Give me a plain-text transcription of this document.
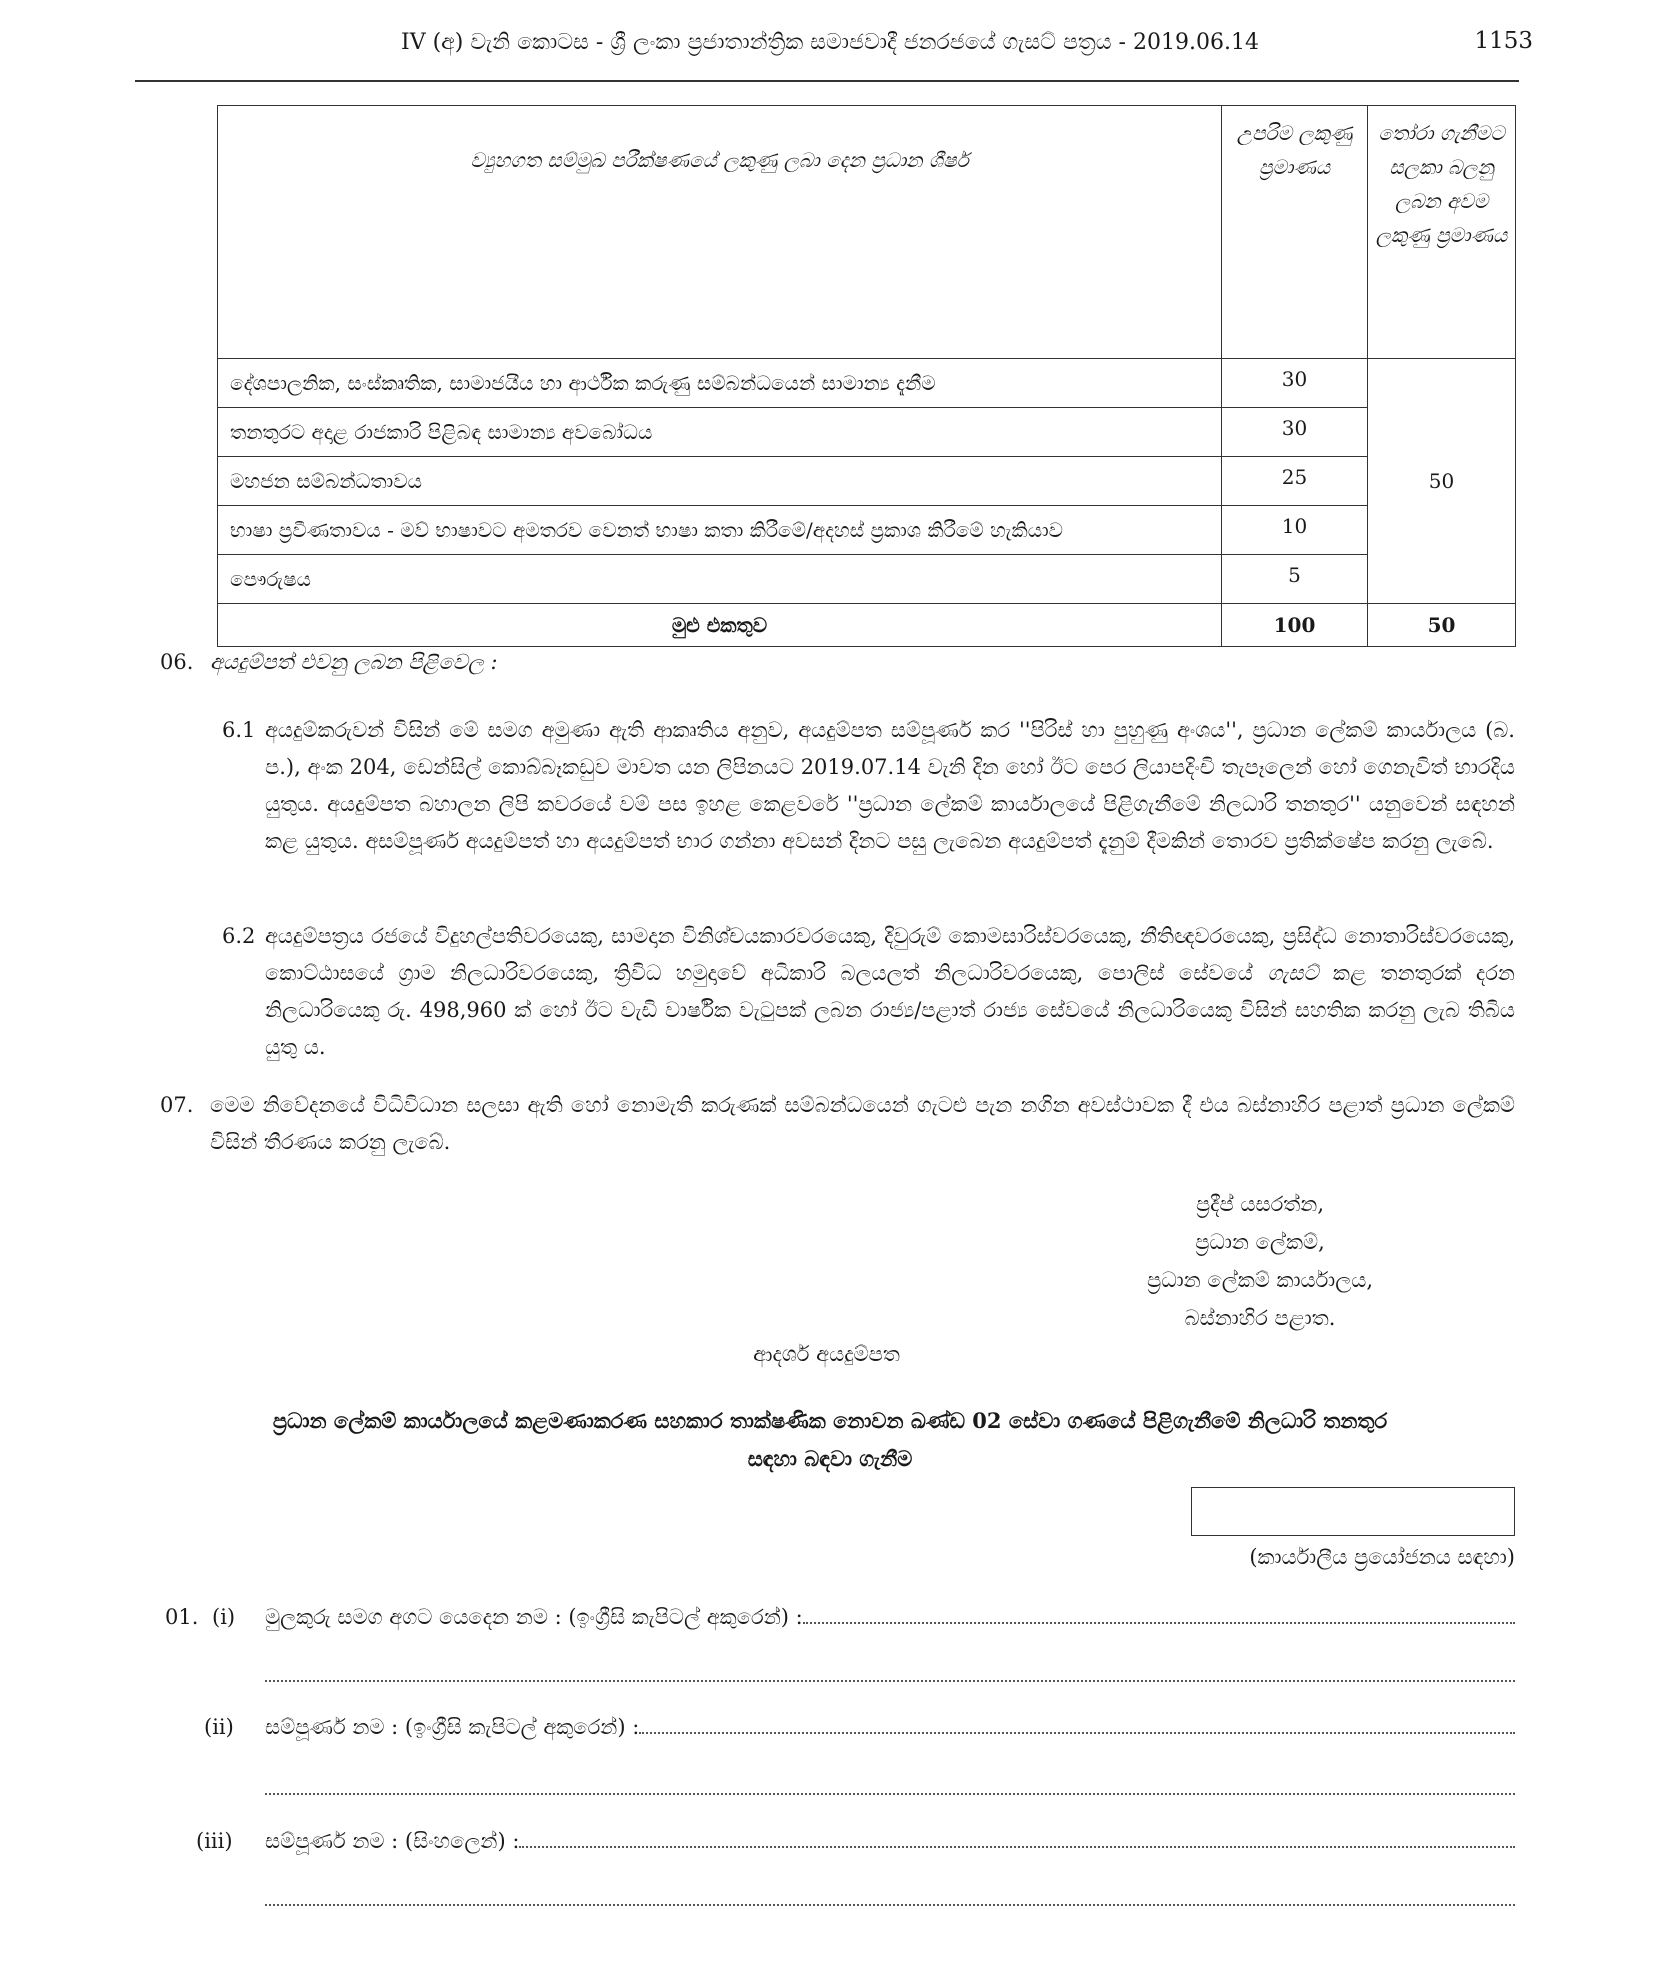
IV (අ) වැනි කොටස - ශ්‍රී ලංකා ප්‍රජාතාන්ත්‍රික සමාජවාදී ජනරජයේ ගැසට් පත්‍රය - 2019.06.14	1153
ව්‍යුහගත සම්මුඛ පරීක්ෂණයේ ලකුණු ලබා දෙන ප්‍රධාන ශීර්ෂ	උපරිම ලකුණු ප්‍රමාණය	තෝරා ගැනීමට සලකා බලනු ලබන අවම ලකුණු ප්‍රමාණය
දේශපාලනික, සංස්කෘතික, සාමාජයීය හා ආර්ථික කරුණු සම්බන්ධයෙන් සාමාන්‍ය දැනීම	30	50
තනතුරට අදාළ රාජකාරි පිළිබඳ සාමාන්‍ය අවබෝධය	30	
මහජන සම්බන්ධතාවය	25	
භාෂා ප්‍රවීණතාවය - මව් භාෂාවට අමතරව වෙනත් භාෂා කතා කිරීමේ/අදහස් ප්‍රකාශ කිරීමේ හැකියාව	10	
පෞරුෂය	5	
මුළු එකතුව	100	50
06. අයදුම්පත් එවනු ලබන පිළිවෙල :
6.1 අයදුම්කරුවන් විසින් මේ සමග අමුණා ඇති ආකෘතිය අනුව, අයදුම්පත සම්පූර්ණ කර ''පිරිස් හා පුහුණු අංශය'', ප්‍රධාන ලේකම් කාර්යාලය (බ. ප.), අංක 204, ඩෙන්සිල් කොබ්බෑකඩුව මාවත යන ලිපිනයට 2019.07.14 වැනි දින හෝ ඊට පෙර ලියාපදිංචි තැපෑලෙන් හෝ ගෙනැවිත් භාරදිය යුතුය. අයදුම්පත බහාලන ලිපි කවරයේ වම් පස ඉහළ කෙළවරේ ''ප්‍රධාන ලේකම් කාර්යාලයේ පිළිගැනීමේ නිලධාරි තනතුර'' යනුවෙන් සඳහන් කළ යුතුය. අසම්පූර්ණ අයදුම්පත් හා අයදුම්පත් භාර ගන්නා අවසන් දිනට පසු ලැබෙන අයදුම්පත් දැනුම් දීමකින් තොරව ප්‍රතික්ෂේප කරනු ලැබේ.
6.2 අයදුම්පත්‍රය රජයේ විදුහල්පතිවරයෙකු, සාමදාන විනිශ්චයකාරවරයෙකු, දිවුරුම් කොමසාරිස්වරයෙකු, නීතිඥවරයෙකු, ප්‍රසිද්ධ නොතාරිස්වරයෙකු, කොට්ඨාසයේ ග්‍රාම නිලධාරිවරයෙකු, ත්‍රිවිධ හමුදාවේ අධිකාරි බලයලත් නිලධාරිවරයෙකු, පොලිස් සේවයේ ගැසට් කළ තනතුරක් දරන නිලධාරියෙකු රු. 498,960 ක් හෝ ඊට වැඩි වාර්ෂික වැටුපක් ලබන රාජ්‍ය/පළාත් රාජ්‍ය සේවයේ නිලධාරියෙකු විසින් සහතික කරනු ලැබ තිබිය යුතු ය.
07. මෙම නිවේදනයේ විධිවිධාන සලසා ඇති හෝ නොමැති කරුණක් සම්බන්ධයෙන් ගැටළු පැන නගින අවස්ථාවක දී එය බස්නාහිර පළාත් ප්‍රධාන ලේකම් විසින් තීරණය කරනු ලැබේ.
ප්‍රදීප් යසරත්න,
ප්‍රධාන ලේකම්,
ප්‍රධාන ලේකම් කාර්යාලය,
බස්නාහිර පළාත.
ආදර්ශ අයදුම්පත
ප්‍රධාන ලේකම් කාර්යාලයේ කළමණාකරණ සහකාර තාක්ෂණික නොවන ඛණ්ඩ 02 සේවා ගණයේ පිළිගැනීමේ නිලධාරි තනතුර
සඳහා බඳවා ගැනීම
(කාර්යාලීය ප්‍රයෝජනය සඳහා)
01. (i) මුලකුරු සමග අගට යෙදෙන නම : (ඉංග්‍රීසි කැපිටල් අකුරෙන්) :
(ii) සම්පූර්ණ නම : (ඉංග්‍රීසි කැපිටල් අකුරෙන්) :
(iii) සම්පූර්ණ නම : (සිංහලෙන්) :
